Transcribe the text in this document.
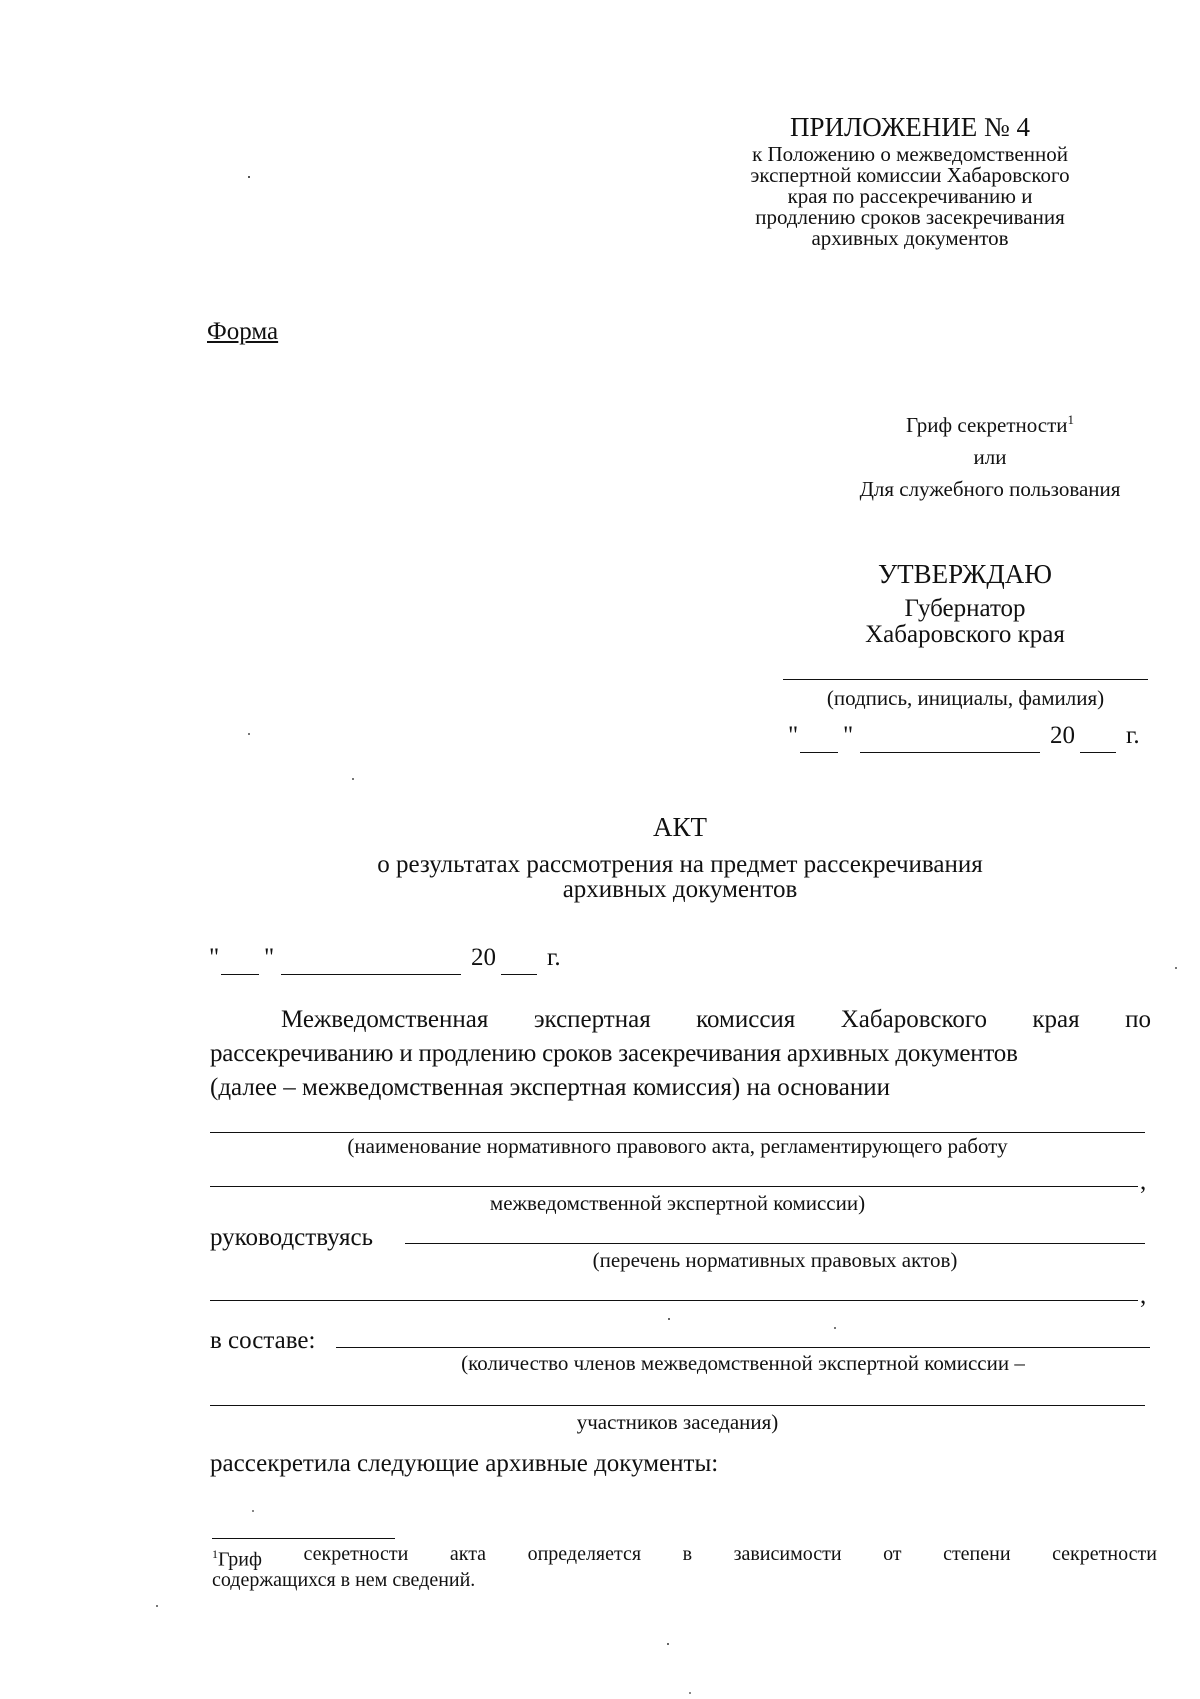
ПРИЛОЖЕНИЕ № 4
к Положению о межведомственной
экспертной комиссии Хабаровского
края по рассекречиванию и
продлению сроков засекречивания
архивных документов
Форма
Гриф секретности$^1$
или
Для служебного пользования
УТВЕРЖДАЮ
Губернатор
Хабаровского края
(подпись, инициалы, фамилия)
" "	20 г.
АКТ
о результатах рассмотрения на предмет рассекречивания
архивных документов
" "	20 г.
Межведомственная экспертная комиссия Хабаровского края по
рассекречиванию и продлению сроков засекречивания архивных документов
(далее – межведомственная экспертная комиссия) на основании
(наименование нормативного правового акта, регламентирующего работу
,
межведомственной экспертной комиссии)
руководствуясь
(перечень нормативных правовых актов)
,
в составе:
(количество членов межведомственной экспертной комиссии –
участников заседания)
рассекретила следующие архивные документы:
$^1$Гриф секретности акта определяется в зависимости от степени секретности
содержащихся в нем сведений.
